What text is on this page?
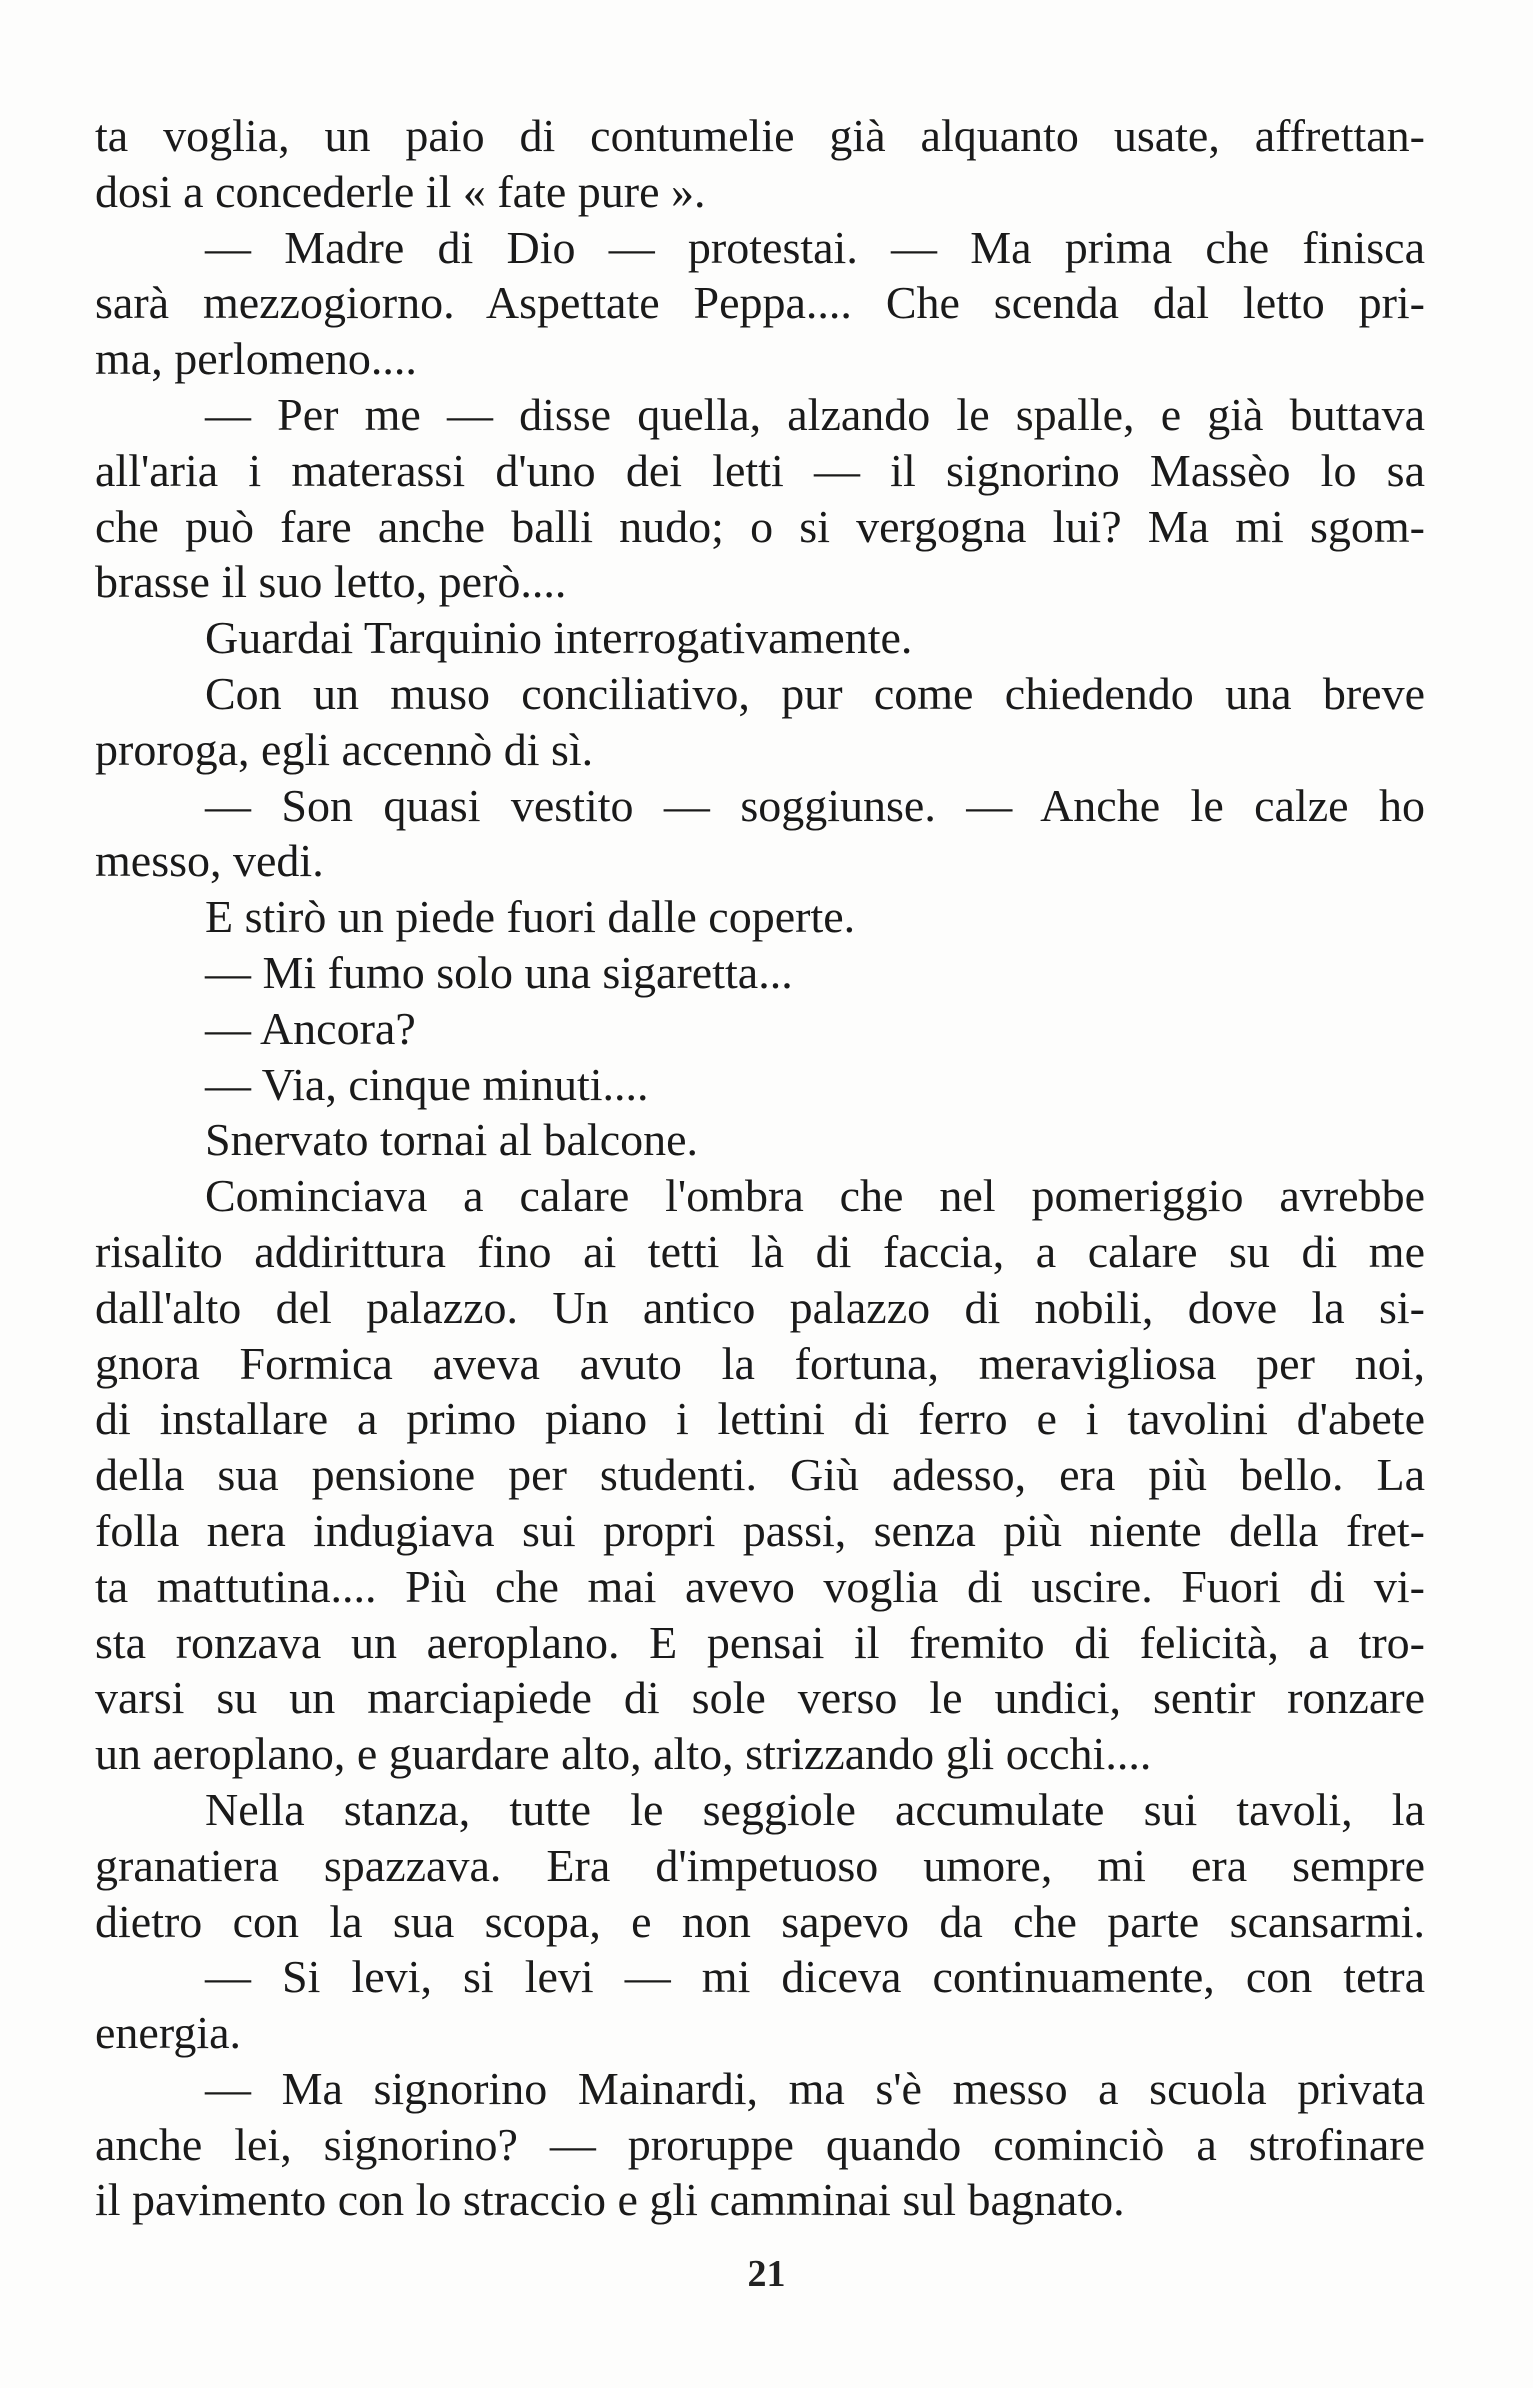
ta voglia, un paio di contumelie già alquanto usate, affrettan-
dosi a concederle il « fate pure ».
— Madre di Dio — protestai. — Ma prima che finisca
sarà mezzogiorno. Aspettate Peppa.... Che scenda dal letto pri-
ma, perlomeno....
— Per me — disse quella, alzando le spalle, e già buttava
all'aria i materassi d'uno dei letti — il signorino Massèo lo sa
che può fare anche balli nudo; o si vergogna lui? Ma mi sgom-
brasse il suo letto, però....
Guardai Tarquinio interrogativamente.
Con un muso conciliativo, pur come chiedendo una breve
proroga, egli accennò di sì.
— Son quasi vestito — soggiunse. — Anche le calze ho
messo, vedi.
E stirò un piede fuori dalle coperte.
— Mi fumo solo una sigaretta...
— Ancora?
— Via, cinque minuti....
Snervato tornai al balcone.
Cominciava a calare l'ombra che nel pomeriggio avrebbe
risalito addirittura fino ai tetti là di faccia, a calare su di me
dall'alto del palazzo. Un antico palazzo di nobili, dove la si-
gnora Formica aveva avuto la fortuna, meravigliosa per noi,
di installare a primo piano i lettini di ferro e i tavolini d'abete
della sua pensione per studenti. Giù adesso, era più bello. La
folla nera indugiava sui propri passi, senza più niente della fret-
ta mattutina.... Più che mai avevo voglia di uscire. Fuori di vi-
sta ronzava un aeroplano. E pensai il fremito di felicità, a tro-
varsi su un marciapiede di sole verso le undici, sentir ronzare
un aeroplano, e guardare alto, alto, strizzando gli occhi....
Nella stanza, tutte le seggiole accumulate sui tavoli, la
granatiera spazzava. Era d'impetuoso umore, mi era sempre
dietro con la sua scopa, e non sapevo da che parte scansarmi.
— Si levi, si levi — mi diceva continuamente, con tetra
energia.
— Ma signorino Mainardi, ma s'è messo a scuola privata
anche lei, signorino? — proruppe quando cominciò a strofinare
il pavimento con lo straccio e gli camminai sul bagnato.
21
